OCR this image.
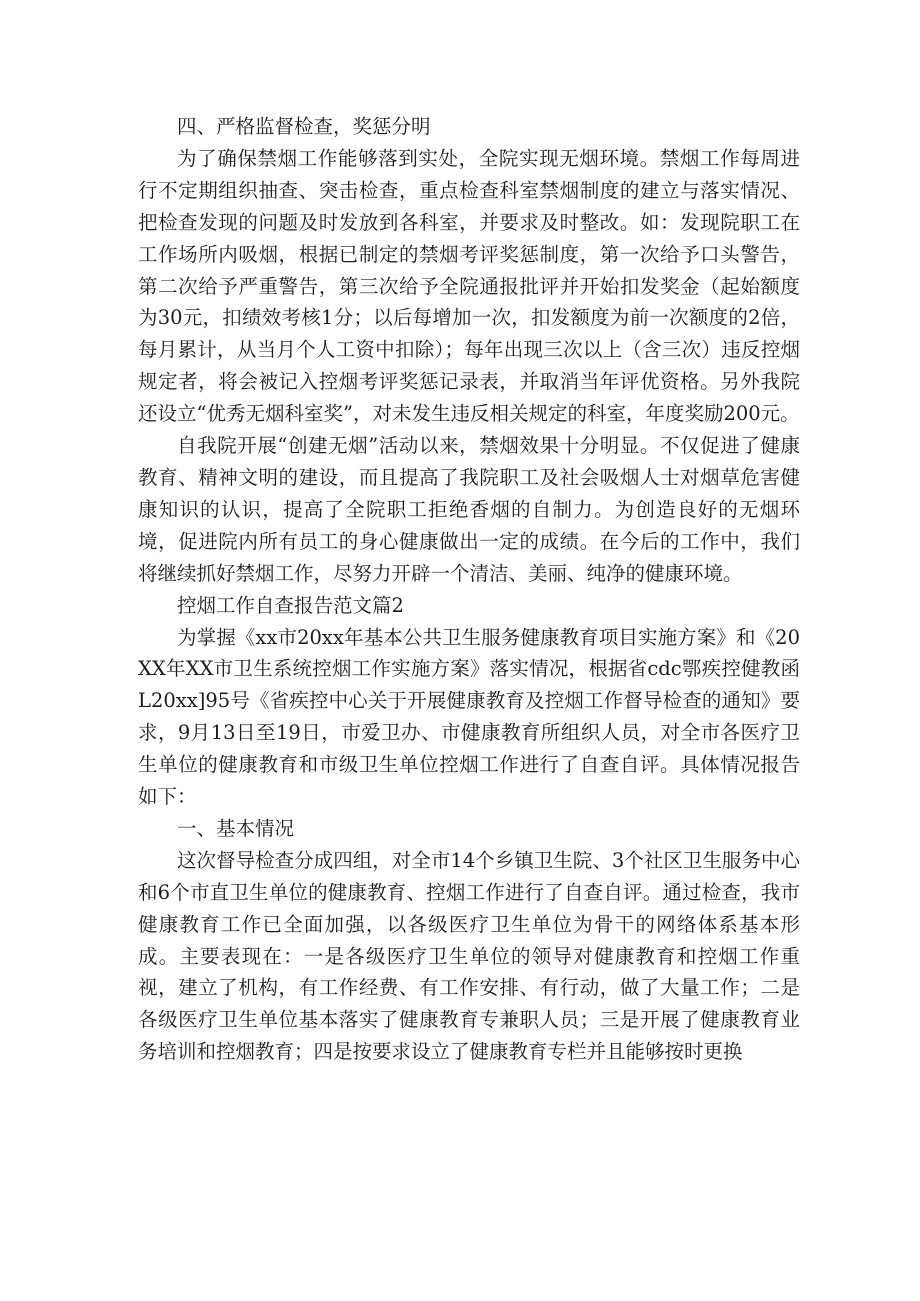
四、严格监督检查，奖惩分明

为了确保禁烟工作能够落到实处，全院实现无烟环境。禁烟工作每周进行不定期组织抽查、突击检查，重点检查科室禁烟制度的建立与落实情况、把检查发现的问题及时发放到各科室，并要求及时整改。如：发现院职工在工作场所内吸烟，根据已制定的禁烟考评奖惩制度，第一次给予口头警告，第二次给予严重警告，第三次给予全院通报批评并开始扣发奖金（起始额度为30元，扣绩效考核1分；以后每增加一次，扣发额度为前一次额度的2倍，每月累计，从当月个人工资中扣除）；每年出现三次以上（含三次）违反控烟规定者，将会被记入控烟考评奖惩记录表，并取消当年评优资格。另外我院还设立“优秀无烟科室奖”，对未发生违反相关规定的科室，年度奖励200元。

自我院开展“创建无烟”活动以来，禁烟效果十分明显。不仅促进了健康教育、精神文明的建设，而且提高了我院职工及社会吸烟人士对烟草危害健康知识的认识，提高了全院职工拒绝香烟的自制力。为创造良好的无烟环境，促进院内所有员工的身心健康做出一定的成绩。在今后的工作中，我们将继续抓好禁烟工作，尽努力开辟一个清洁、美丽、纯净的健康环境。

控烟工作自查报告范文篇2

为掌握《xx市20xx年基本公共卫生服务健康教育项目实施方案》和《20XX年XX市卫生系统控烟工作实施方案》落实情况，根据省cdc鄂疾控健教函L20xx]95号《省疾控中心关于开展健康教育及控烟工作督导检查的通知》要求，9月13日至19日，市爱卫办、市健康教育所组织人员，对全市各医疗卫生单位的健康教育和市级卫生单位控烟工作进行了自查自评。具体情况报告如下：

一、基本情况

这次督导检查分成四组，对全市14个乡镇卫生院、3个社区卫生服务中心和6个市直卫生单位的健康教育、控烟工作进行了自查自评。通过检查，我市健康教育工作已全面加强，以各级医疗卫生单位为骨干的网络体系基本形成。主要表现在：一是各级医疗卫生单位的领导对健康教育和控烟工作重视，建立了机构，有工作经费、有工作安排、有行动，做了大量工作；二是各级医疗卫生单位基本落实了健康教育专兼职人员；三是开展了健康教育业务培训和控烟教育；四是按要求设立了健康教育专栏并且能够按时更换
